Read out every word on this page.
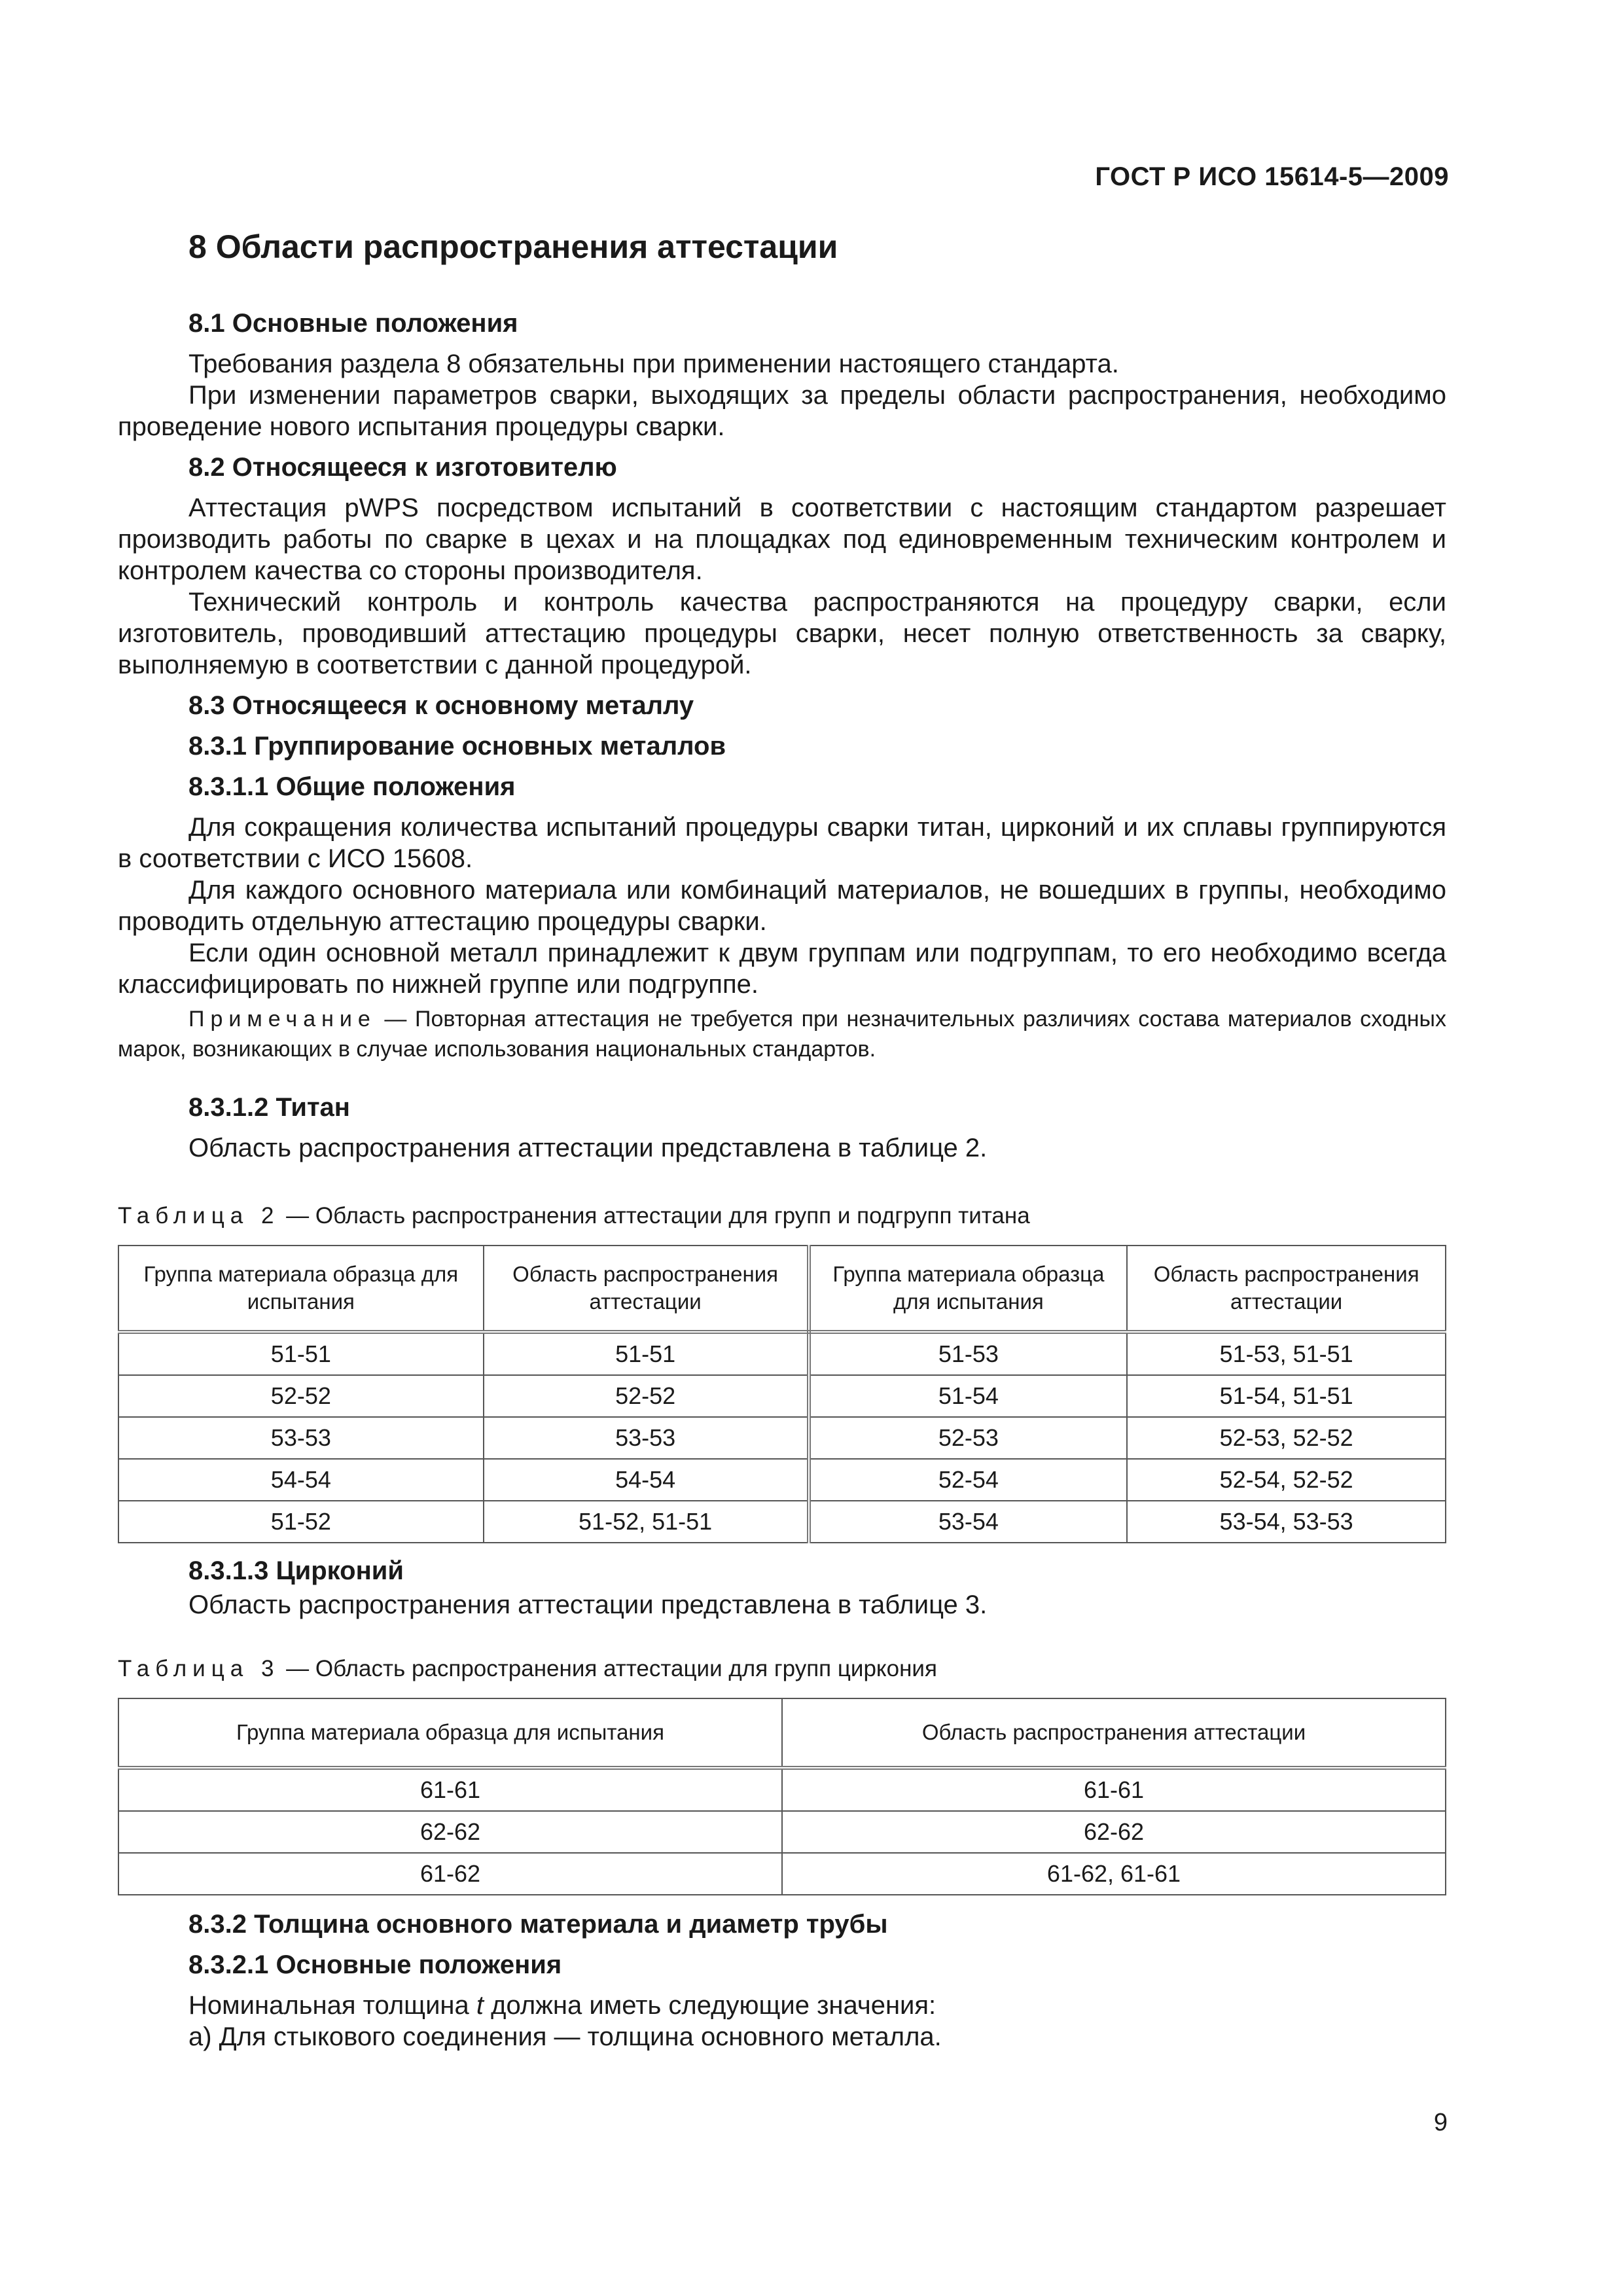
ГОСТ Р ИСО 15614-5—2009
8 Области распространения аттестации
8.1 Основные положения

Требования раздела 8 обязательны при применении настоящего стандарта.

При изменении параметров сварки, выходящих за пределы области распространения, необходимо проведение нового испытания процедуры сварки.

8.2 Относящееся к изготовителю

Аттестация pWPS посредством испытаний в соответствии с настоящим стандартом разрешает производить работы по сварке в цехах и на площадках под единовременным техническим контролем и контролем качества со стороны производителя.

Технический контроль и контроль качества распространяются на процедуру сварки, если изготовитель, проводивший аттестацию процедуры сварки, несет полную ответственность за сварку, выполняемую в соответствии с данной процедурой.

8.3 Относящееся к основному металлу
8.3.1 Группирование основных металлов
8.3.1.1 Общие положения

Для сокращения количества испытаний процедуры сварки титан, цирконий и их сплавы группируются в соответствии с ИСО 15608.

Для каждого основного материала или комбинаций материалов, не вошедших в группы, необходимо проводить отдельную аттестацию процедуры сварки.

Если один основной металл принадлежит к двум группам или подгруппам, то его необходимо всегда классифицировать по нижней группе или подгруппе.

Примечание — Повторная аттестация не требуется при незначительных различиях состава материалов сходных марок, возникающих в случае использования национальных стандартов.

8.3.1.2 Титан

Область распространения аттестации представлена в таблице 2.

Таблица 2 — Область распространения аттестации для групп и подгрупп титана

Группа материала образца для испытания	Область распространения аттестации	Группа материала образца для испытания	Область распространения аттестации
51-51	51-51	51-53	51-53, 51-51
52-52	52-52	51-54	51-54, 51-51
53-53	53-53	52-53	52-53, 52-52
54-54	54-54	52-54	52-54, 52-52
51-52	51-52, 51-51	53-54	53-54, 53-53
8.3.1.3 Цирконий

Область распространения аттестации представлена в таблице 3.

Таблица 3 — Область распространения аттестации для групп циркония

Группа материала образца для испытания	Область распространения аттестации
61-61	61-61
62-62	62-62
61-62	61-62, 61-61
8.3.2 Толщина основного материала и диаметр трубы
8.3.2.1 Основные положения

Номинальная толщина t должна иметь следующие значения:

а) Для стыкового соединения — толщина основного металла.

9
